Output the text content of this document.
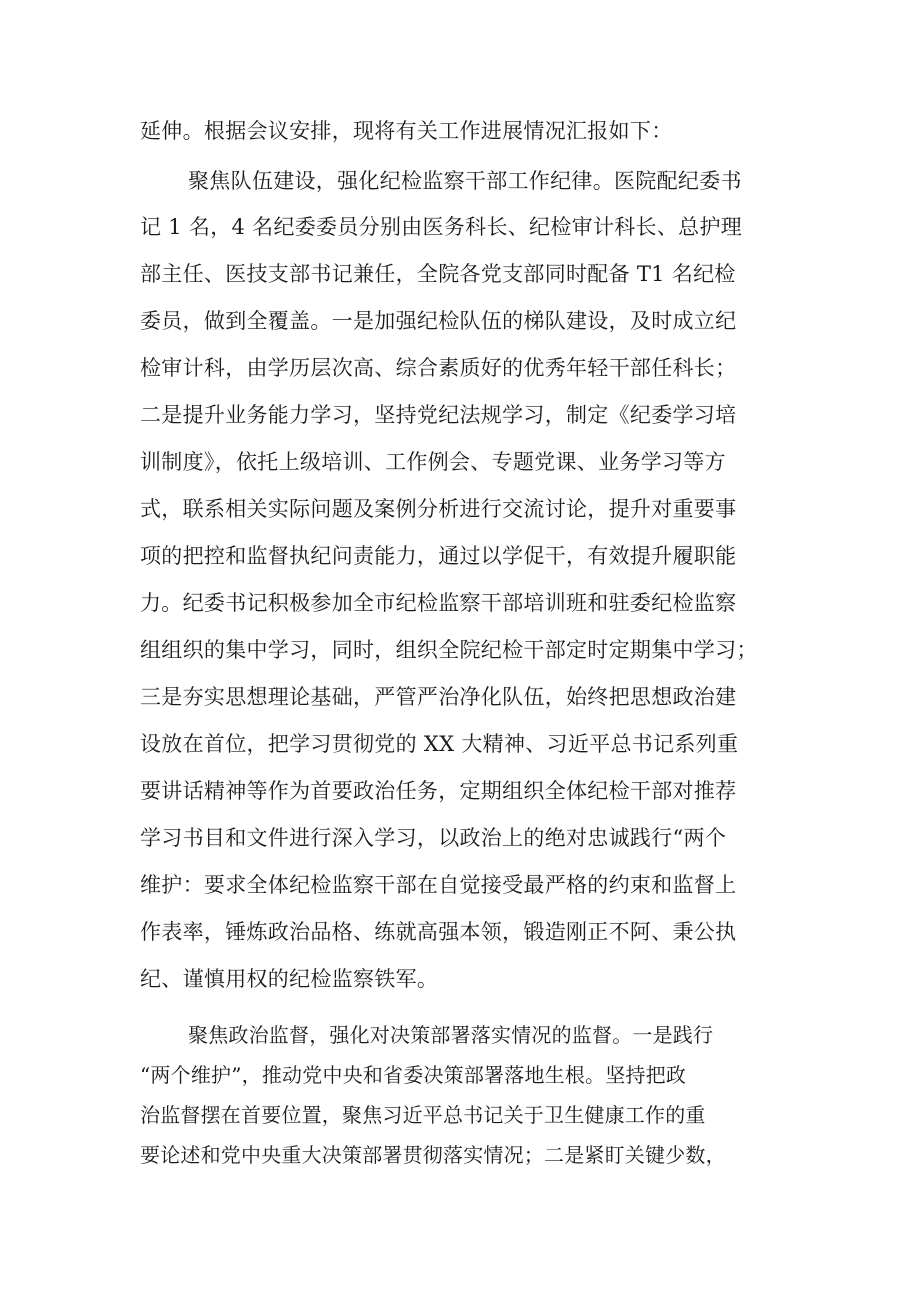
延伸。根据会议安排，现将有关工作进展情况汇报如下：
聚焦队伍建设，强化纪检监察干部工作纪律。医院配纪委书
记 1 名，4 名纪委委员分别由医务科长、纪检审计科长、总护理
部主任、医技支部书记兼任，全院各党支部同时配备 T1 名纪检
委员，做到全覆盖。一是加强纪检队伍的梯队建设，及时成立纪
检审计科，由学历层次高、综合素质好的优秀年轻干部任科长；
二是提升业务能力学习，坚持党纪法规学习，制定《纪委学习培
训制度》，依托上级培训、工作例会、专题党课、业务学习等方
式，联系相关实际问题及案例分析进行交流讨论，提升对重要事
项的把控和监督执纪问责能力，通过以学促干，有效提升履职能
力。纪委书记积极参加全市纪检监察干部培训班和驻委纪检监察
组组织的集中学习，同时，组织全院纪检干部定时定期集中学习；
三是夯实思想理论基础，严管严治净化队伍，始终把思想政治建
设放在首位，把学习贯彻党的 XX 大精神、习近平总书记系列重
要讲话精神等作为首要政治任务，定期组织全体纪检干部对推荐
学习书目和文件进行深入学习，以政治上的绝对忠诚践行“两个
维护：要求全体纪检监察干部在自觉接受最严格的约束和监督上
作表率，锤炼政治品格、练就高强本领，锻造刚正不阿、秉公执
纪、谨慎用权的纪检监察铁军。
聚焦政治监督，强化对决策部署落实情况的监督。一是践行
“两个维护”，推动党中央和省委决策部署落地生根。坚持把政
治监督摆在首要位置，聚焦习近平总书记关于卫生健康工作的重
要论述和党中央重大决策部署贯彻落实情况；二是紧盯关键少数，
